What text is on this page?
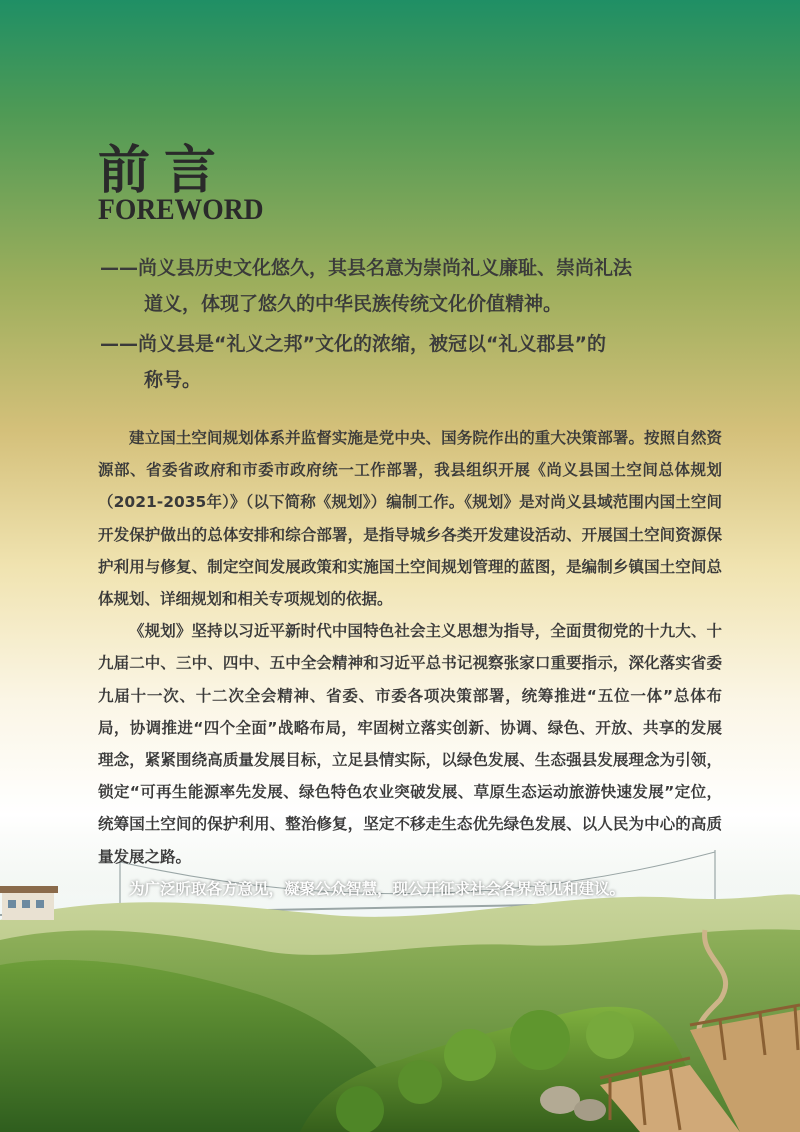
前言
FOREWORD

——尚义县历史文化悠久，其县名意为崇尚礼义廉耻、崇尚礼法

道义，体现了悠久的中华民族传统文化价值精神。

——尚义县是“礼义之邦”文化的浓缩，被冠以“礼义郡县”的

称号。

建立国土空间规划体系并监督实施是党中央、国务院作出的重大决策部署。按照自然资源部、省委省政府和市委市政府统一工作部署，我县组织开展《尚义县国土空间总体规划（2021-2035年）》（以下简称《规划》）编制工作。《规划》是对尚义县域范围内国土空间开发保护做出的总体安排和综合部署，是指导城乡各类开发建设活动、开展国土空间资源保护利用与修复、制定空间发展政策和实施国土空间规划管理的蓝图，是编制乡镇国土空间总体规划、详细规划和相关专项规划的依据。

《规划》坚持以习近平新时代中国特色社会主义思想为指导，全面贯彻党的十九大、十九届二中、三中、四中、五中全会精神和习近平总书记视察张家口重要指示，深化落实省委九届十一次、十二次全会精神、省委、市委各项决策部署，统筹推进“五位一体”总体布局，协调推进“四个全面”战略布局，牢固树立落实创新、协调、绿色、开放、共享的发展理念，紧紧围绕高质量发展目标，立足县情实际，以绿色发展、生态强县发展理念为引领，锁定“可再生能源率先发展、绿色特色农业突破发展、草原生态运动旅游快速发展”定位，统筹国土空间的保护利用、整治修复，坚定不移走生态优先绿色发展、以人民为中心的高质量发展之路。

为广泛听取各方意见，凝聚公众智慧，现公开征求社会各界意见和建议。
